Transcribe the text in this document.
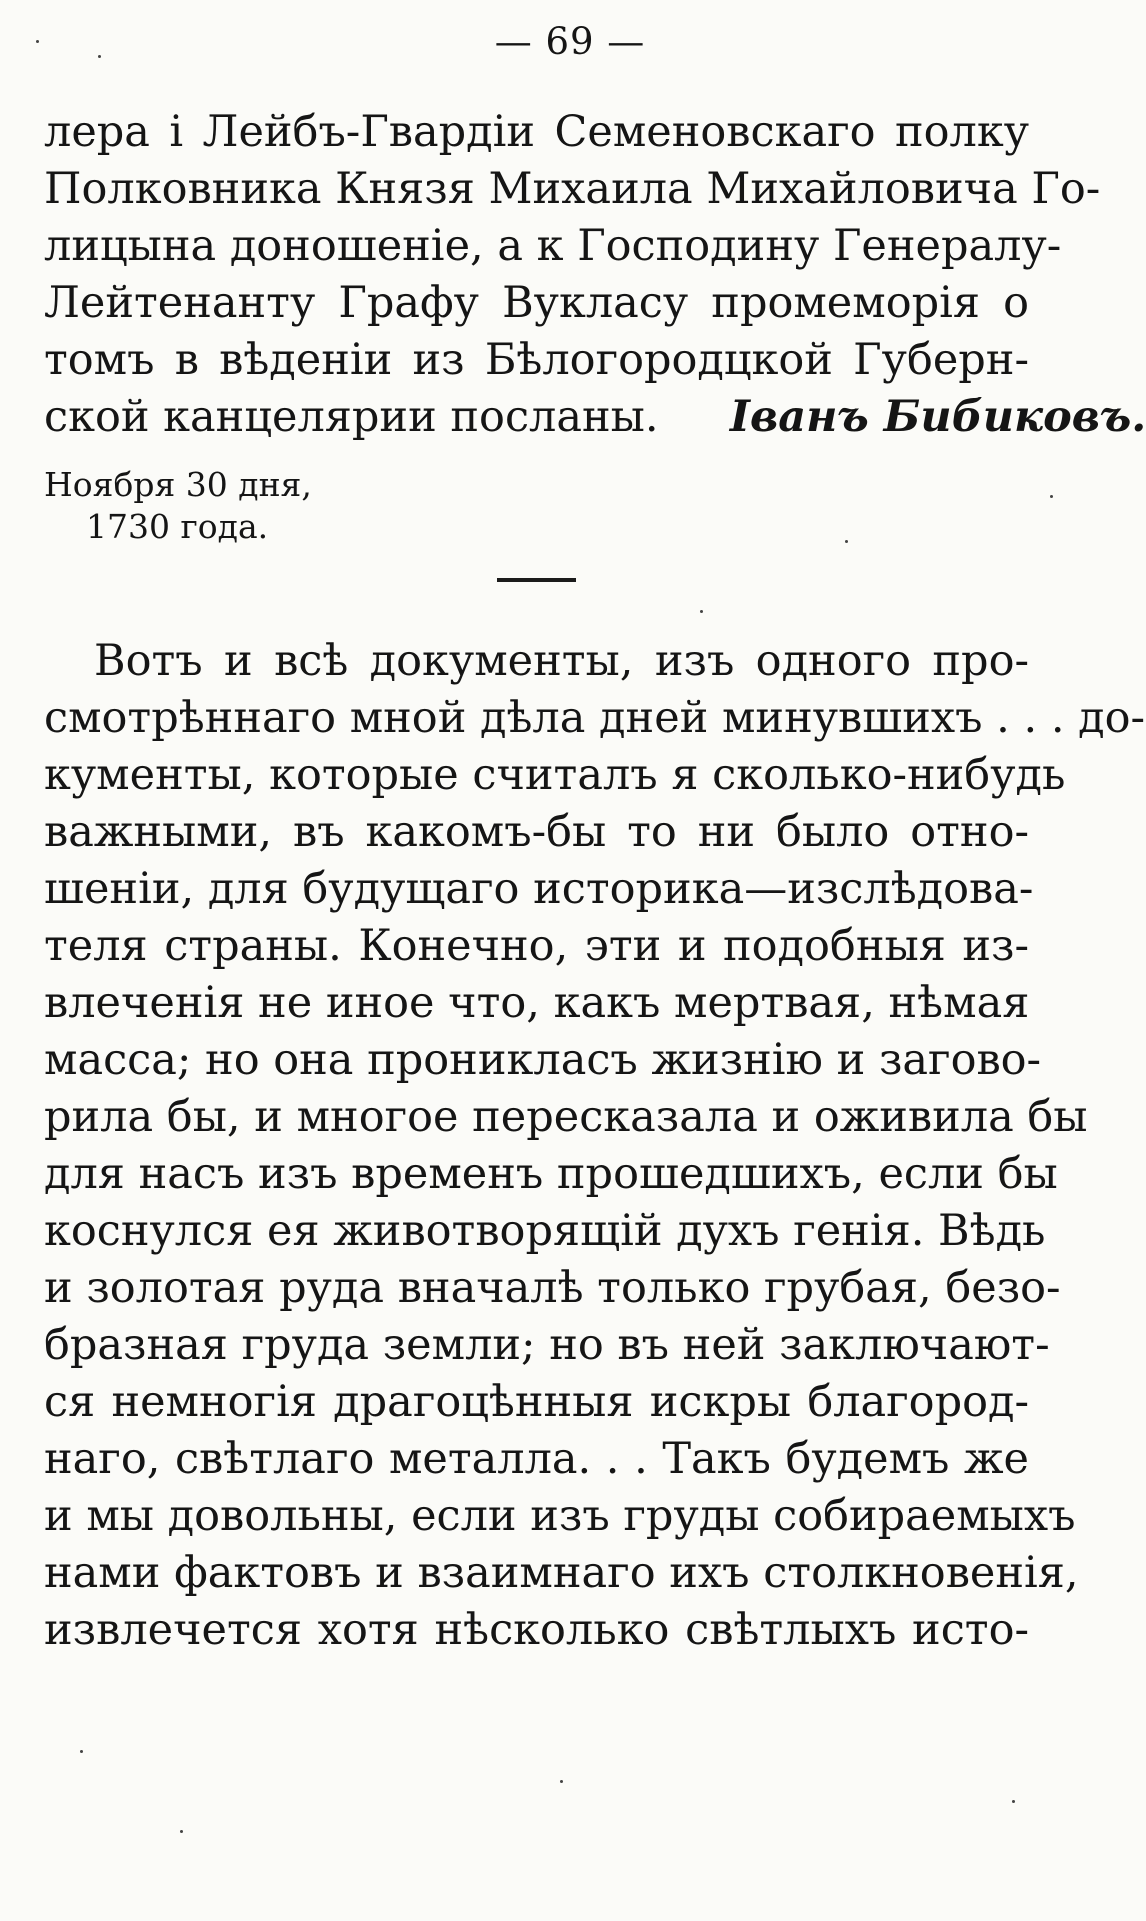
— 69 —
лера і Лейбъ-Гвардіи Семеновскаго полку
Полковника Князя Михаила Михайловича Го-
лицына доношеніе, а к Господину Генералу-
Лейтенанту Графу Вукласу промеморія о
томъ в вѣденіи из Бѣлогородцкой Губерн-
ской канцелярии посланы. Іванъ Бибиковъ.
Ноября 30 дня,
1730 года.
Вотъ и всѣ документы, изъ одного про-
смотрѣннаго мной дѣла дней минувшихъ . . . до-
кументы, которые считалъ я сколько-нибудь
важными, въ какомъ-бы то ни было отно-
шеніи, для будущаго историка—изслѣдова-
теля страны. Конечно, эти и подобныя из-
влеченія не иное что, какъ мертвая, нѣмая
масса; но она проникласъ жизнію и загово-
рила бы, и многое пересказала и оживила бы
для насъ изъ временъ прошедшихъ, если бы
коснулся ея животворящій духъ генія. Вѣдь
и золотая руда вначалѣ только грубая, безо-
бразная груда земли; но въ ней заключают-
ся немногія драгоцѣнныя искры благород-
наго, свѣтлаго металла. . . Такъ будемъ же
и мы довольны, если изъ груды собираемыхъ
нами фактовъ и взаимнаго ихъ столкновенія,
извлечется хотя нѣсколько свѣтлыхъ исто-
